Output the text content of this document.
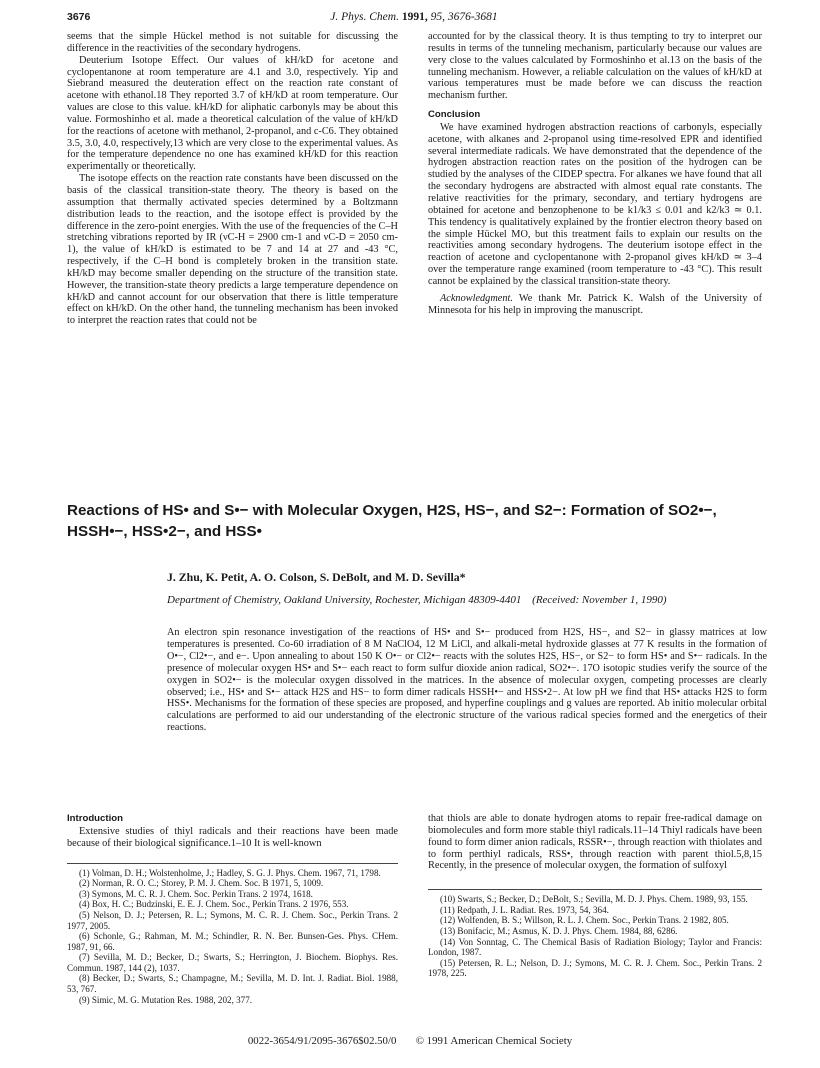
3676	J. Phys. Chem. 1991, 95, 3676-3681

seems that the simple Hückel method is not suitable for discussing the difference in the reactivities of the secondary hydrogens.

Deuterium Isotope Effect. Our values of kH/kD for acetone and cyclopentanone at room temperature are 4.1 and 3.0, respectively. Yip and Siebrand measured the deuteration effect on the reaction rate constant of acetone with ethanol.18 They reported 3.7 of kH/kD at room temperature. Our values are close to this value. kH/kD for aliphatic carbonyls may be about this value. Formoshinho et al. made a theoretical calculation of the value of kH/kD for the reactions of acetone with methanol, 2-propanol, and c-C6. They obtained 3.5, 3.0, 4.0, respectively,13 which are very close to the experimental values. As for the temperature dependence no one has examined kH/kD for this reaction experimentally or theoretically.

The isotope effects on the reaction rate constants have been discussed on the basis of the classical transition-state theory. The theory is based on the assumption that thermally activated species determined by a Boltzmann distribution leads to the reaction, and the isotope effect is provided by the difference in the zero-point energies. With the use of the frequencies of the C–H stretching vibrations reported by IR (νC-H = 2900 cm-1 and νC-D = 2050 cm-1), the value of kH/kD is estimated to be 7 and 14 at 27 and -43 °C, respectively, if the C–H bond is completely broken in the transition state. kH/kD may become smaller depending on the structure of the transition state. However, the transition-state theory predicts a large temperature dependence on kH/kD and cannot account for our observation that there is little temperature effect on kH/kD. On the other hand, the tunneling mechanism has been invoked to interpret the reaction rates that could not be

accounted for by the classical theory. It is thus tempting to try to interpret our results in terms of the tunneling mechanism, particularly because our values are very close to the values calculated by Formoshinho et al.13 on the basis of the tunneling mechanism. However, a reliable calculation on the values of kH/kD at various temperatures must be made before we can discuss the reaction mechanism further.

Conclusion

We have examined hydrogen abstraction reactions of carbonyls, especially acetone, with alkanes and 2-propanol using time-resolved EPR and identified several intermediate radicals. We have demonstrated that the dependence of the hydrogen abstraction reaction rates on the position of the hydrogen can be studied by the analyses of the CIDEP spectra. For alkanes we have found that all the secondary hydrogens are abstracted with almost equal rate constants. The relative reactivities for the primary, secondary, and tertiary hydrogens are obtained for acetone and benzophenone to be k1/k3 ≤ 0.01 and k2/k3 ≃ 0.1. This tendency is qualitatively explained by the frontier electron theory based on the simple Hückel MO, but this treatment fails to explain our results on the reactivities among secondary hydrogens. The deuterium isotope effect in the reaction of acetone and cyclopentanone with 2-propanol gives kH/kD ≃ 3–4 over the temperature range examined (room temperature to -43 °C). This result cannot be explained by the classical transition-state theory.

Acknowledgment. We thank Mr. Patrick K. Walsh of the University of Minnesota for his help in improving the manuscript.

Reactions of HS• and S•− with Molecular Oxygen, H2S, HS−, and S2−: Formation of SO2•−,
HSSH•−, HSS•2−, and HSS•
J. Zhu, K. Petit, A. O. Colson, S. DeBolt, and M. D. Sevilla*
Department of Chemistry, Oakland University, Rochester, Michigan 48309-4401 (Received: November 1, 1990)
An electron spin resonance investigation of the reactions of HS• and S•− produced from H2S, HS−, and S2− in glassy matrices at low temperatures is presented. Co-60 irradiation of 8 M NaClO4, 12 M LiCl, and alkali-metal hydroxide glasses at 77 K results in the formation of O•−, Cl2•−, and e−. Upon annealing to about 150 K O•− or Cl2•− reacts with the solutes H2S, HS−, or S2− to form HS• and S•− radicals. In the presence of molecular oxygen HS• and S•− each react to form sulfur dioxide anion radical, SO2•−. 17O isotopic studies verify the source of the oxygen in SO2•− is the molecular oxygen dissolved in the matrices. In the absence of molecular oxygen, competing processes are clearly observed; i.e., HS• and S•− attack H2S and HS− to form dimer radicals HSSH•− and HSS•2−. At low pH we find that HS• attacks H2S to form HSS•. Mechanisms for the formation of these species are proposed, and hyperfine couplings and g values are reported. Ab initio molecular orbital calculations are performed to aid our understanding of the electronic structure of the various radical species formed and the energetics of their reactions.
Introduction

Extensive studies of thiyl radicals and their reactions have been made because of their biological significance.1–10 It is well-known

(1) Volman, D. H.; Wolstenholme, J.; Hadley, S. G. J. Phys. Chem. 1967, 71, 1798.
(2) Norman, R. O. C.; Storey, P. M. J. Chem. Soc. B 1971, 5, 1009.
(3) Symons, M. C. R. J. Chem. Soc. Perkin Trans. 2 1974, 1618.
(4) Box, H. C.; Budzinski, E. E. J. Chem. Soc., Perkin Trans. 2 1976, 553.
(5) Nelson, D. J.; Petersen, R. L.; Symons, M. C. R. J. Chem. Soc., Perkin Trans. 2 1977, 2005.
(6) Schonle, G.; Rahman, M. M.; Schindler, R. N. Ber. Bunsen-Ges. Phys. CHem. 1987, 91, 66.
(7) Sevilla, M. D.; Becker, D.; Swarts, S.; Herrington, J. Biochem. Biophys. Res. Commun. 1987, 144 (2), 1037.
(8) Becker, D.; Swarts, S.; Champagne, M.; Sevilla, M. D. Int. J. Radiat. Biol. 1988, 53, 767.
(9) Simic, M. G. Mutation Res. 1988, 202, 377.

that thiols are able to donate hydrogen atoms to repair free-radical damage on biomolecules and form more stable thiyl radicals.11–14 Thiyl radicals have been found to form dimer anion radicals, RSSR•−, through reaction with thiolates and to form perthiyl radicals, RSS•, through reaction with parent thiol.5,8,15 Recently, in the presence of molecular oxygen, the formation of sulfoxyl

(10) Swarts, S.; Becker, D.; DeBolt, S.; Sevilla, M. D. J. Phys. Chem. 1989, 93, 155.
(11) Redpath, J. L. Radiat. Res. 1973, 54, 364.
(12) Wolfenden, B. S.; Willson, R. L. J. Chem. Soc., Perkin Trans. 2 1982, 805.
(13) Bonifacic, M.; Asmus, K. D. J. Phys. Chem. 1984, 88, 6286.
(14) Von Sonntag, C. The Chemical Basis of Radiation Biology; Taylor and Francis: London, 1987.
(15) Petersen, R. L.; Nelson, D. J.; Symons, M. C. R. J. Chem. Soc., Perkin Trans. 2 1978, 225.
0022-3654/91/2095-3676$02.50/0 © 1991 American Chemical Society
